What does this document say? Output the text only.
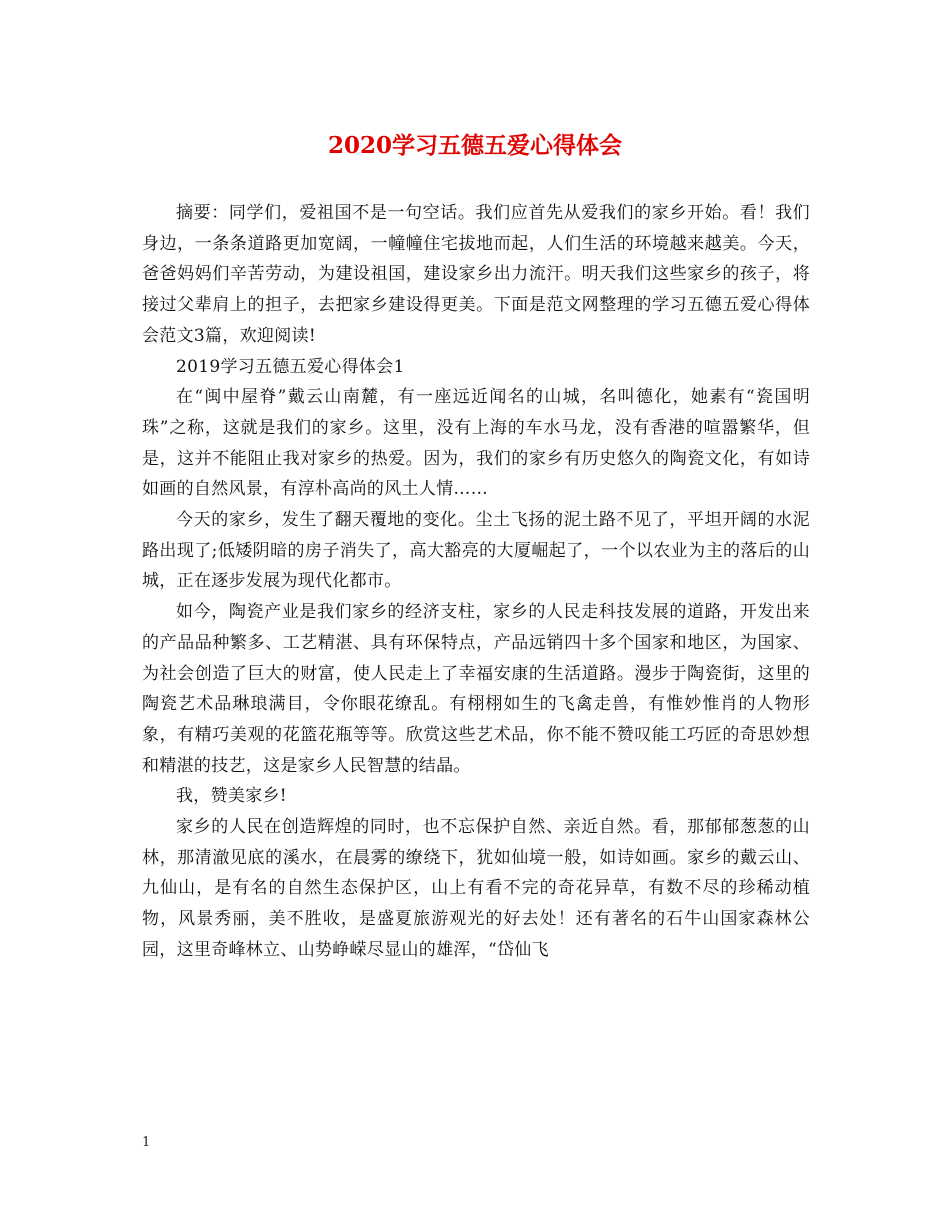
2020学习五德五爱心得体会

摘要：同学们，爱祖国不是一句空话。我们应首先从爱我们的家乡开始。看！我们身边，一条条道路更加宽阔，一幢幢住宅拔地而起，人们生活的环境越来越美。今天，爸爸妈妈们辛苦劳动，为建设祖国，建设家乡出力流汗。明天我们这些家乡的孩子，将接过父辈肩上的担子，去把家乡建设得更美。下面是范文网整理的学习五德五爱心得体会范文3篇，欢迎阅读!

2019学习五德五爱心得体会1

在“闽中屋脊”戴云山南麓，有一座远近闻名的山城，名叫德化，她素有“瓷国明珠”之称，这就是我们的家乡。这里，没有上海的车水马龙，没有香港的喧嚣繁华，但是，这并不能阻止我对家乡的热爱。因为，我们的家乡有历史悠久的陶瓷文化，有如诗如画的自然风景，有淳朴高尚的风土人情……

今天的家乡，发生了翻天覆地的变化。尘土飞扬的泥土路不见了，平坦开阔的水泥路出现了;低矮阴暗的房子消失了，高大豁亮的大厦崛起了，一个以农业为主的落后的山城，正在逐步发展为现代化都市。

如今，陶瓷产业是我们家乡的经济支柱，家乡的人民走科技发展的道路，开发出来的产品品种繁多、工艺精湛、具有环保特点，产品远销四十多个国家和地区，为国家、为社会创造了巨大的财富，使人民走上了幸福安康的生活道路。漫步于陶瓷街，这里的陶瓷艺术品琳琅满目，令你眼花缭乱。有栩栩如生的飞禽走兽，有惟妙惟肖的人物形象，有精巧美观的花篮花瓶等等。欣赏这些艺术品，你不能不赞叹能工巧匠的奇思妙想和精湛的技艺，这是家乡人民智慧的结晶。

我，赞美家乡!

家乡的人民在创造辉煌的同时，也不忘保护自然、亲近自然。看，那郁郁葱葱的山林，那清澈见底的溪水，在晨雾的缭绕下，犹如仙境一般，如诗如画。家乡的戴云山、九仙山，是有名的自然生态保护区，山上有看不完的奇花异草，有数不尽的珍稀动植物，风景秀丽，美不胜收，是盛夏旅游观光的好去处！还有著名的石牛山国家森林公园，这里奇峰林立、山势峥嵘尽显山的雄浑，“岱仙飞

1
